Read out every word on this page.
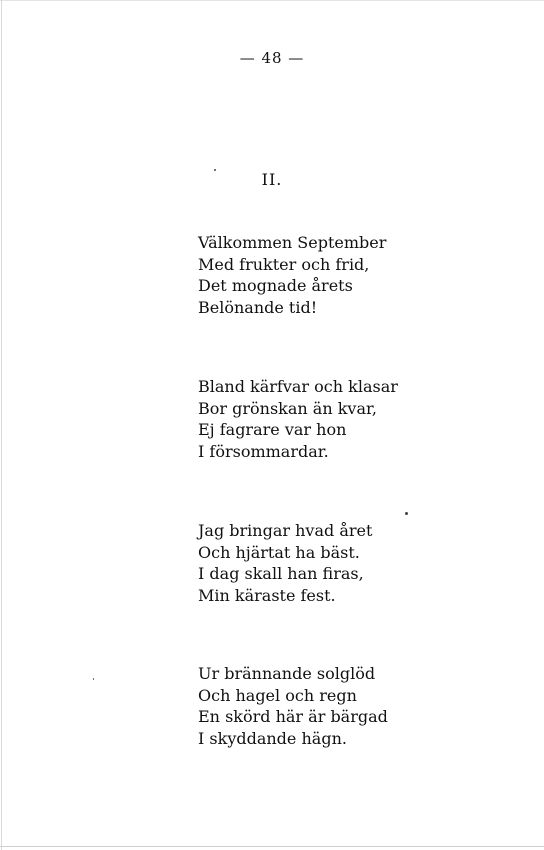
— 48 —
II.
Välkommen September
Med frukter och frid,
Det mognade årets
Belönande tid!
Bland kärfvar och klasar
Bor grönskan än kvar,
Ej fagrare var hon
I försommardar.
Jag bringar hvad året
Och hjärtat ha bäst.
I dag skall han firas,
Min käraste fest.
Ur brännande solglöd
Och hagel och regn
En skörd här är bärgad
I skyddande hägn.
